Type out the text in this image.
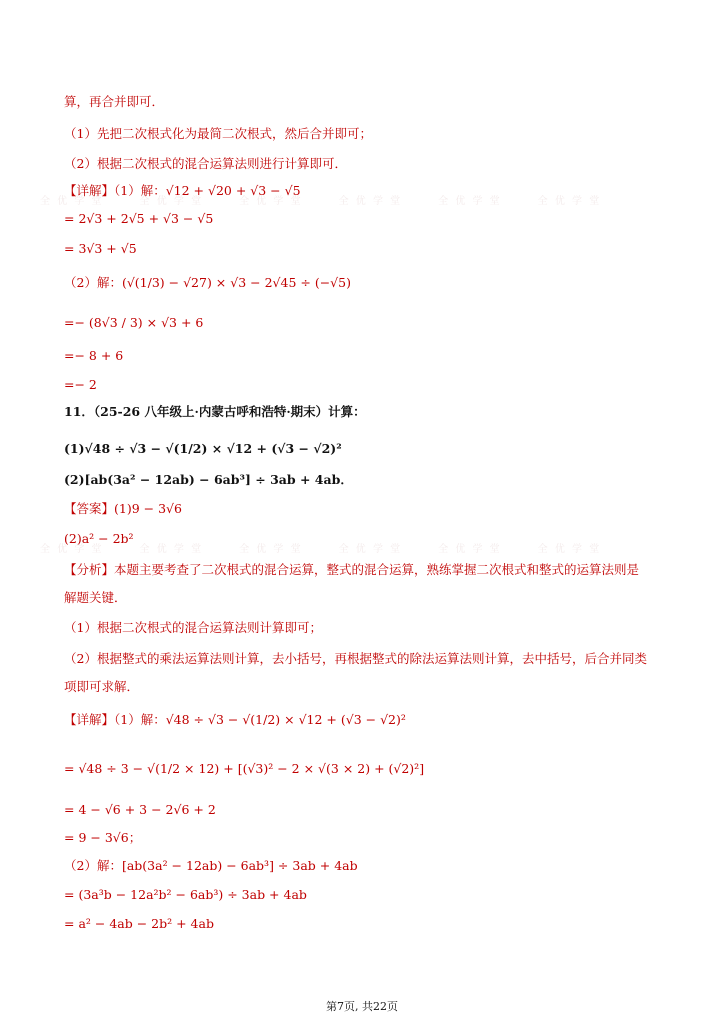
全 优 学 堂　　　全 优 学 堂　　　全 优 学 堂　　　全 优 学 堂　　　全 优 学 堂　　　全 优 学 堂
全 优 学 堂　　　全 优 学 堂　　　全 优 学 堂　　　全 优 学 堂　　　全 优 学 堂　　　全 优 学 堂
算，再合并即可．
（1）先把二次根式化为最简二次根式，然后合并即可；
（2）根据二次根式的混合运算法则进行计算即可．
【详解】（1）解：√12 + √20 + √3 − √5
= 2√3 + 2√5 + √3 − √5
= 3√3 + √5
（2）解：(√(1/3) − √27) × √3 − 2√45 ÷ (−√5)
=− (8√3 / 3) × √3 + 6
=− 8 + 6
=− 2
11．（25-26 八年级上·内蒙古呼和浩特·期末）计算：
(1)√48 ÷ √3 − √(1/2) × √12 + (√3 − √2)²
(2)[ab(3a² − 12ab) − 6ab³] ÷ 3ab + 4ab．
【答案】(1)9 − 3√6
(2)a² − 2b²
【分析】本题主要考查了二次根式的混合运算，整式的混合运算，熟练掌握二次根式和整式的运算法则是
解题关键．
（1）根据二次根式的混合运算法则计算即可；
（2）根据整式的乘法运算法则计算，去小括号，再根据整式的除法运算法则计算，去中括号，后合并同类
项即可求解．
【详解】（1）解：√48 ÷ √3 − √(1/2) × √12 + (√3 − √2)²
= √48 ÷ 3 − √(1/2 × 12) + [(√3)² − 2 × √(3 × 2) + (√2)²]
= 4 − √6 + 3 − 2√6 + 2
= 9 − 3√6；
（2）解：[ab(3a² − 12ab) − 6ab³] ÷ 3ab + 4ab
= (3a³b − 12a²b² − 6ab³) ÷ 3ab + 4ab
= a² − 4ab − 2b² + 4ab
第7页, 共22页
